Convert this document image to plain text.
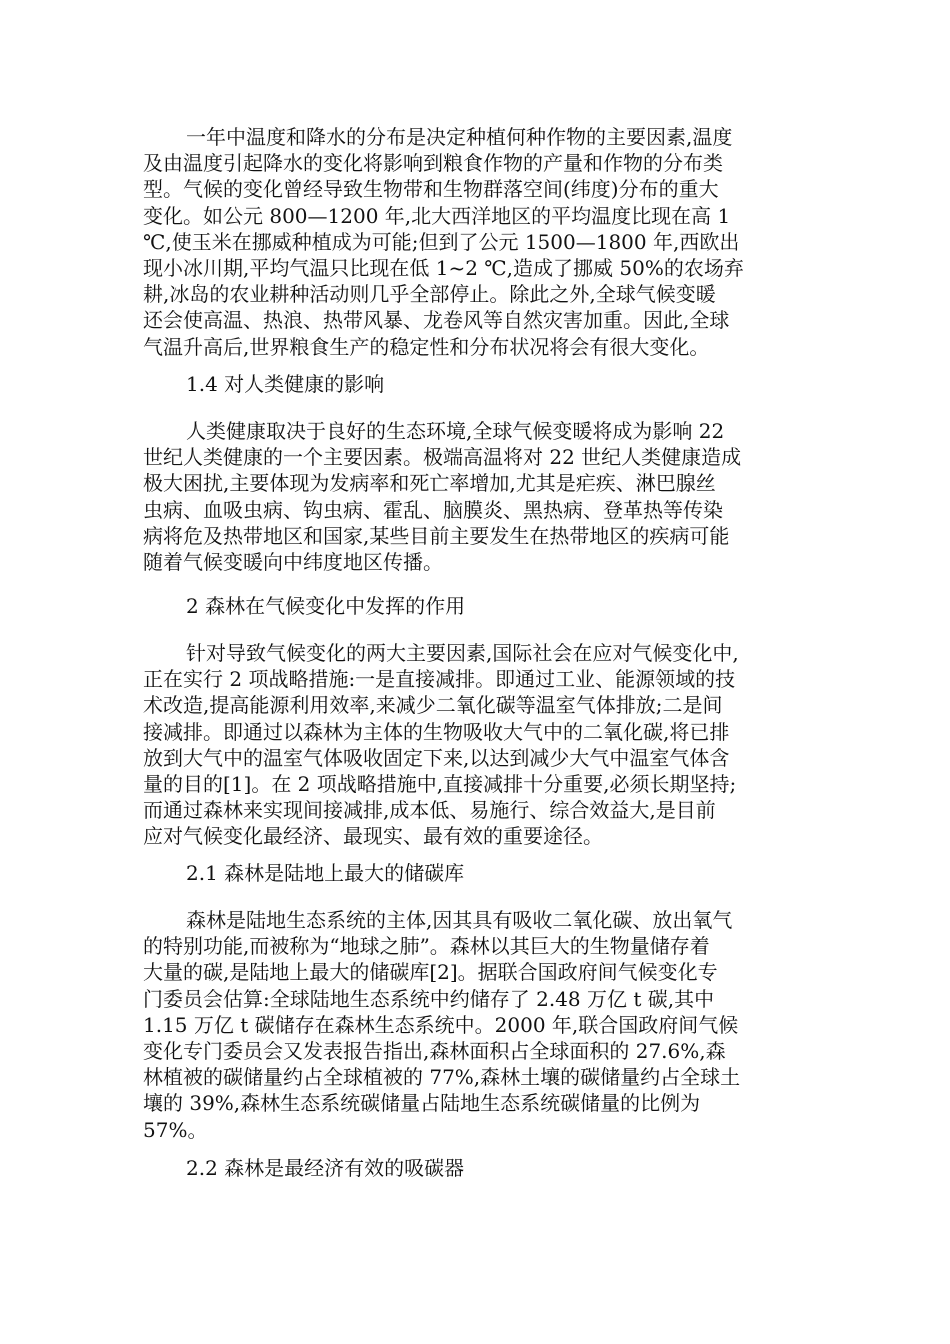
一年中温度和降水的分布是决定种植何种作物的主要因素,温度
及由温度引起降水的变化将影响到粮食作物的产量和作物的分布类
型。气候的变化曾经导致生物带和生物群落空间(纬度)分布的重大
变化。如公元 800—1200 年,北大西洋地区的平均温度比现在高 1
℃,使玉米在挪威种植成为可能;但到了公元 1500—1800 年,西欧出
现小冰川期,平均气温只比现在低 1~2 ℃,造成了挪威 50%的农场弃
耕,冰岛的农业耕种活动则几乎全部停止。除此之外,全球气候变暖
还会使高温、热浪、热带风暴、龙卷风等自然灾害加重。因此,全球
气温升高后,世界粮食生产的稳定性和分布状况将会有很大变化。
1.4 对人类健康的影响
人类健康取决于良好的生态环境,全球气候变暖将成为影响 22
世纪人类健康的一个主要因素。极端高温将对 22 世纪人类健康造成
极大困扰,主要体现为发病率和死亡率增加,尤其是疟疾、淋巴腺丝
虫病、血吸虫病、钩虫病、霍乱、脑膜炎、黑热病、登革热等传染
病将危及热带地区和国家,某些目前主要发生在热带地区的疾病可能
随着气候变暖向中纬度地区传播。
2 森林在气候变化中发挥的作用
针对导致气候变化的两大主要因素,国际社会在应对气候变化中,
正在实行 2 项战略措施:一是直接减排。即通过工业、能源领域的技
术改造,提高能源利用效率,来减少二氧化碳等温室气体排放;二是间
接减排。即通过以森林为主体的生物吸收大气中的二氧化碳,将已排
放到大气中的温室气体吸收固定下来,以达到减少大气中温室气体含
量的目的[1]。在 2 项战略措施中,直接减排十分重要,必须长期坚持;
而通过森林来实现间接减排,成本低、易施行、综合效益大,是目前
应对气候变化最经济、最现实、最有效的重要途径。
2.1 森林是陆地上最大的储碳库
森林是陆地生态系统的主体,因其具有吸收二氧化碳、放出氧气
的特别功能,而被称为“地球之肺”。森林以其巨大的生物量储存着
大量的碳,是陆地上最大的储碳库[2]。据联合国政府间气候变化专
门委员会估算:全球陆地生态系统中约储存了 2.48 万亿 t 碳,其中
1.15 万亿 t 碳储存在森林生态系统中。2000 年,联合国政府间气候
变化专门委员会又发表报告指出,森林面积占全球面积的 27.6%,森
林植被的碳储量约占全球植被的 77%,森林土壤的碳储量约占全球土
壤的 39%,森林生态系统碳储量占陆地生态系统碳储量的比例为
57%。
2.2 森林是最经济有效的吸碳器
